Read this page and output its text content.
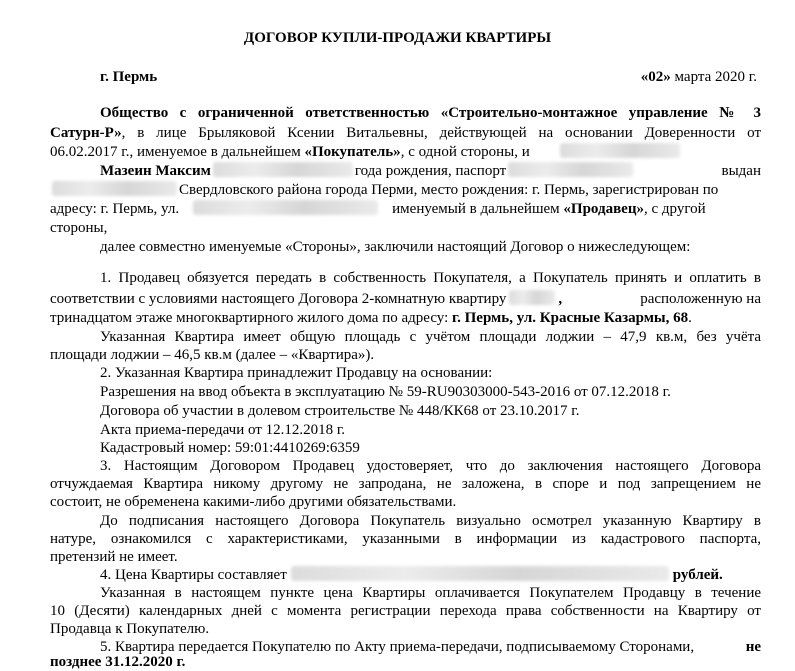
ДОГОВОР КУПЛИ-ПРОДАЖИ КВАРТИРЫ
г. Пермь	«02» марта 2020 г.
Общество с ограниченной ответственностью «Строительно-монтажное управление № 3
Сатурн-Р», в лице Брыляковой Ксении Витальевны, действующей на основании Доверенности от
06.02.2017 г., именуемое в дальнейшем «Покупатель», с одной стороны, и
Мазеин Максим	года рождения, паспорт	выдан
Свердловского района города Перми, место рождения: г. Пермь, зарегистрирован по
адресу: г. Пермь, ул.	именуемый в дальнейшем «Продавец», с другой
стороны,
далее совместно именуемые «Стороны», заключили настоящий Договор о нижеследующем:
1. Продавец обязуется передать в собственность Покупателя, а Покупатель принять и оплатить в
соответствии с условиями настоящего Договора 2-комнатную квартиру	,	расположенную на
тринадцатом этаже многоквартирного жилого дома по адресу: г. Пермь, ул. Красные Казармы, 68.
Указанная Квартира имеет общую площадь с учётом площади лоджии – 47,9 кв.м, без учёта
площади лоджии – 46,5 кв.м (далее – «Квартира»).
2. Указанная Квартира принадлежит Продавцу на основании:
Разрешения на ввод объекта в эксплуатацию № 59-RU90303000-543-2016 от 07.12.2018 г.
Договора об участии в долевом строительстве № 448/КК68 от 23.10.2017 г.
Акта приема-передачи от 12.12.2018 г.
Кадастровый номер: 59:01:4410269:6359
3. Настоящим Договором Продавец удостоверяет, что до заключения настоящего Договора
отчуждаемая Квартира никому другому не запродана, не заложена, в споре и под запрещением не
состоит, не обременена какими-либо другими обязательствами.
До подписания настоящего Договора Покупатель визуально осмотрел указанную Квартиру в
натуре, ознакомился с характеристиками, указанными в информации из кадастрового паспорта,
претензий не имеет.
4. Цена Квартиры составляет	рублей.
Указанная в настоящем пункте цена Квартиры оплачивается Покупателем Продавцу в течение
10 (Десяти) календарных дней с момента регистрации перехода права собственности на Квартиру от
Продавца к Покупателю.
5. Квартира передается Покупателю по Акту приема-передачи, подписываемому Сторонами,	не
позднее 31.12.2020 г.
